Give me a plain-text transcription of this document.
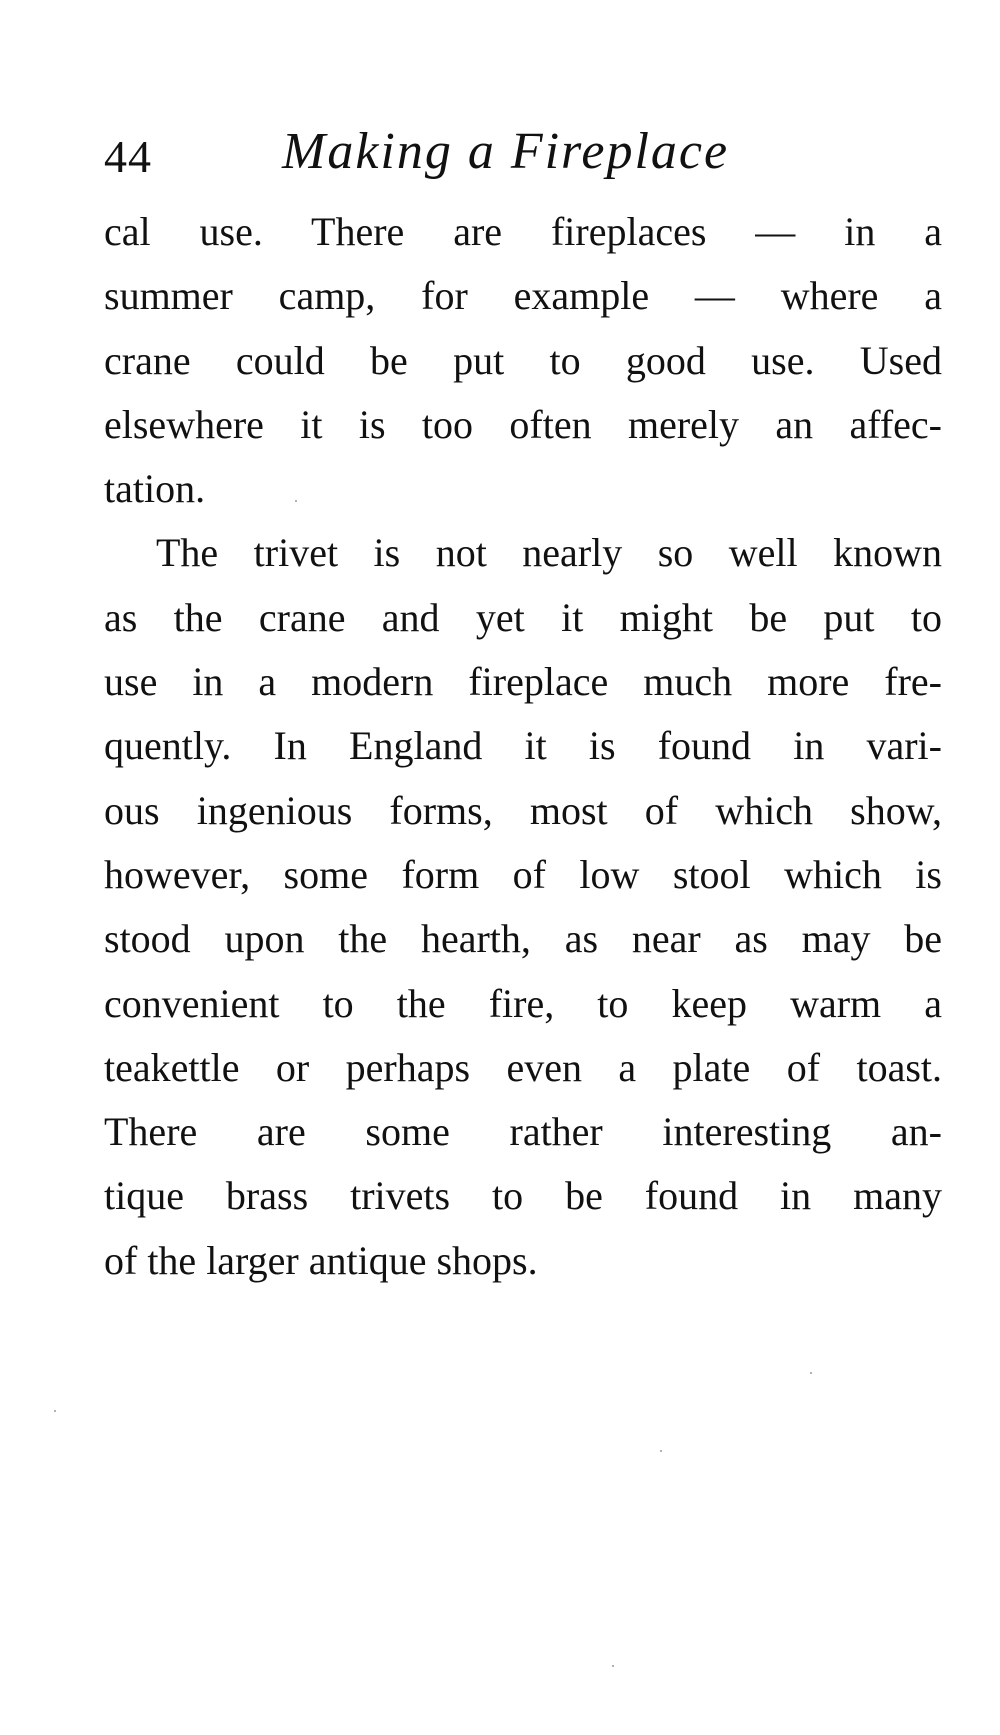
44	Making a Fireplace
cal use. There are fireplaces — in a
summer camp, for example — where a
crane could be put to good use. Used
elsewhere it is too often merely an affec-
tation.
The trivet is not nearly so well known
as the crane and yet it might be put to
use in a modern fireplace much more fre-
quently. In England it is found in vari-
ous ingenious forms, most of which show,
however, some form of low stool which is
stood upon the hearth, as near as may be
convenient to the fire, to keep warm a
teakettle or perhaps even a plate of toast.
There are some rather interesting an-
tique brass trivets to be found in many
of the larger antique shops.
